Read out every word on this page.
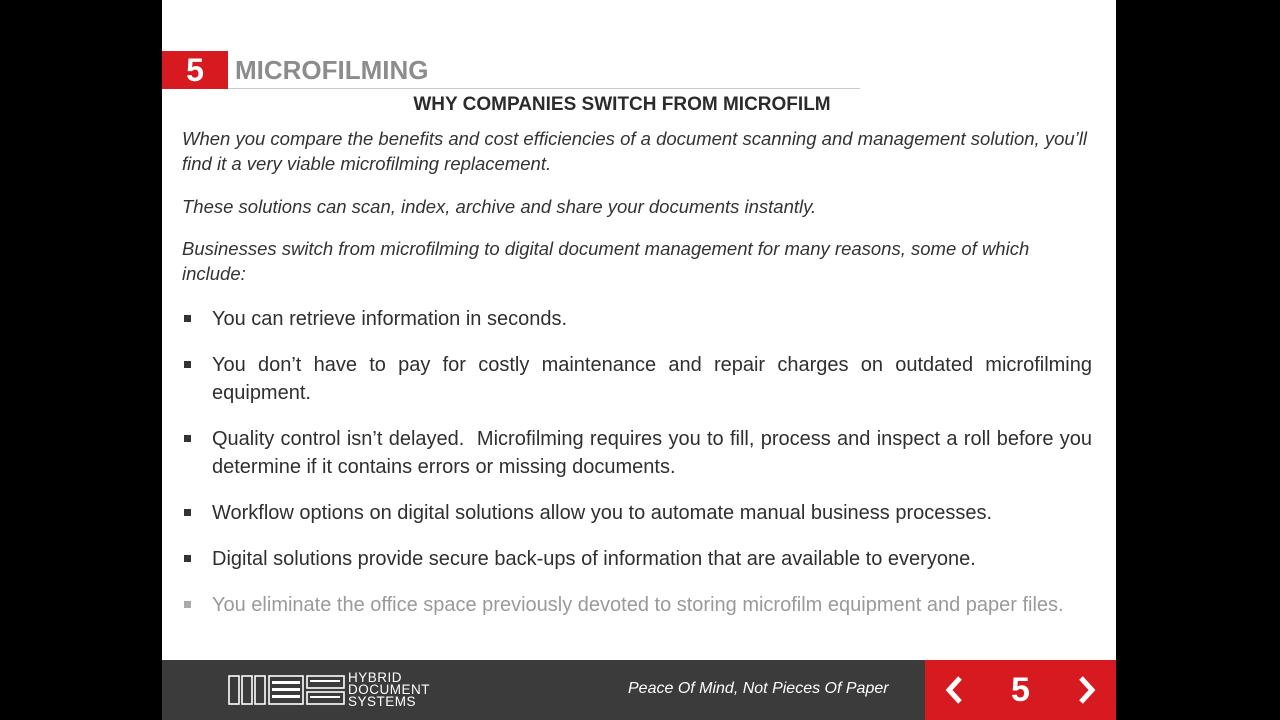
5	MICROFILMING
WHY COMPANIES SWITCH FROM MICROFILM

When you compare the benefits and cost efficiencies of a document scanning and management solution, you’ll find it a very viable microfilming replacement.

These solutions can scan, index, archive and share your documents instantly.

Businesses switch from microfilming to digital document management for many reasons, some of which include:

You can retrieve information in seconds.
You don’t have to pay for costly maintenance and repair charges on outdated microfilming equipment.
Quality control isn’t delayed.  Microfilming requires you to fill, process and inspect a roll before you determine if it contains errors or missing documents.
Workflow options on digital solutions allow you to automate manual business processes.
Digital solutions provide secure back-ups of information that are available to everyone.
You eliminate the office space previously devoted to storing microfilm equipment and paper files.
HYBRID
DOCUMENT
SYSTEMS
Peace Of Mind, Not Pieces Of Paper	5
